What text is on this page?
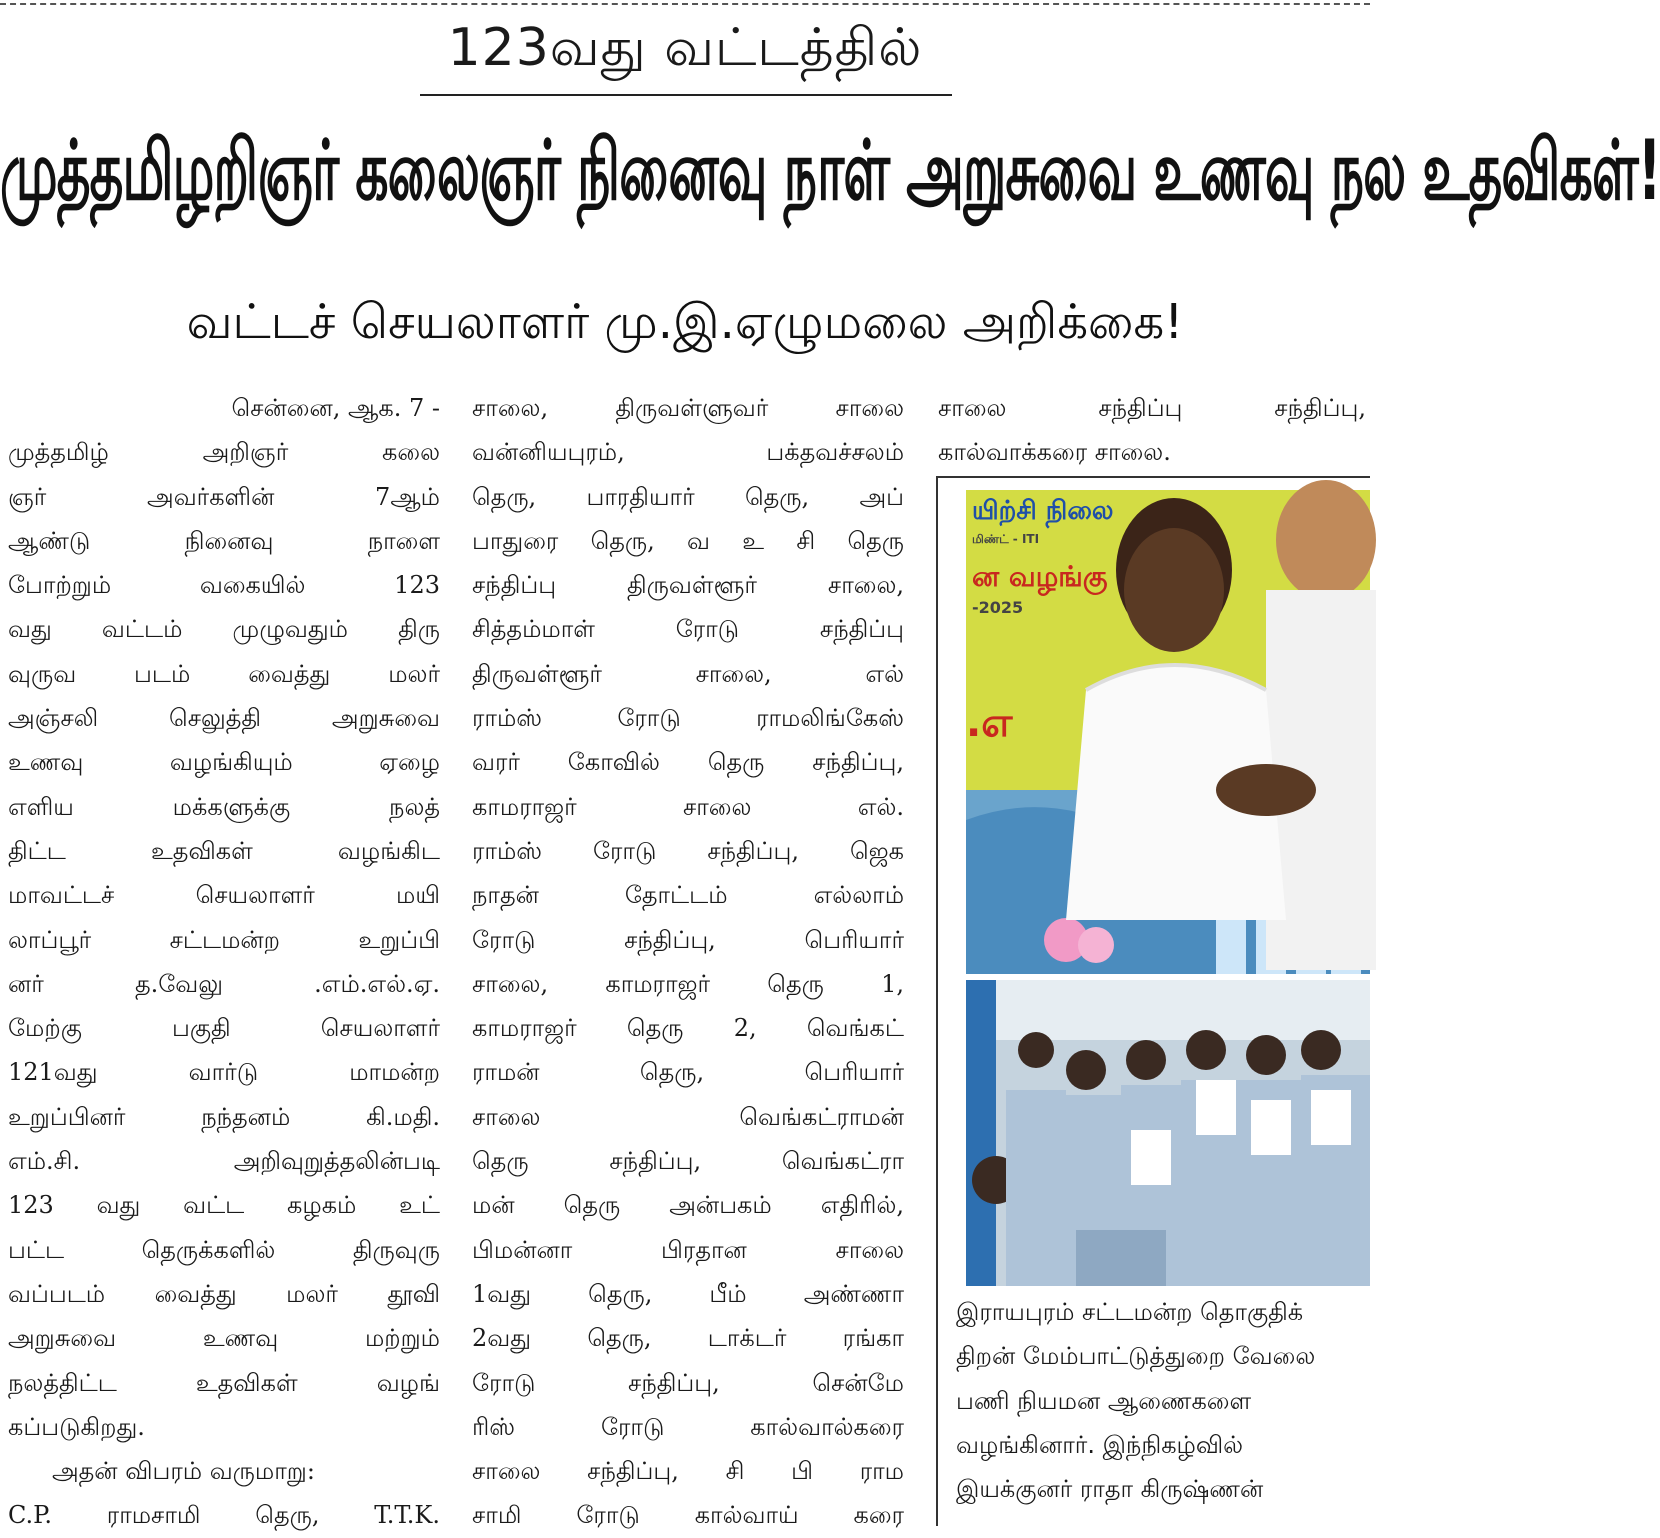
123வது வட்டத்தில்
முத்தமிழறிஞர் கலைஞர் நினைவு நாள் அறுசுவை உணவு நல உதவிகள்!
வட்டச் செயலாளர் மு.இ.ஏழுமலை அறிக்கை!
சென்னை, ஆக. 7 -
முத்தமிழ் அறிஞர் கலை
ஞர் அவர்களின் 7ஆம்
ஆண்டு நினைவு நாளை
போற்றும் வகையில் 123
வது வட்டம் முழுவதும் திரு
வுருவ படம் வைத்து மலர்
அஞ்சலி செலுத்தி அறுசுவை
உணவு வழங்கியும் ஏழை
எளிய மக்களுக்கு நலத்
திட்ட உதவிகள் வழங்கிட
மாவட்டச் செயலாளர் மயி
லாப்பூர் சட்டமன்ற உறுப்பி
னர் த.வேலு .எம்.எல்.ஏ.
மேற்கு பகுதி செயலாளர்
121வது வார்டு மாமன்ற
உறுப்பினர் நந்தனம் கி.மதி.
எம்.சி. அறிவுறுத்தலின்படி
123 வது வட்ட கழகம் உட்
பட்ட தெருக்களில் திருவுரு
வப்படம் வைத்து மலர் தூவி
அறுசுவை உணவு மற்றும்
நலத்திட்ட உதவிகள் வழங்
கப்படுகிறது.
அதன் விபரம் வருமாறு:
C.P. ராமசாமி தெரு, T.T.K.
சாலை, திருவள்ளுவர் சாலை
வன்னியபுரம், பக்தவச்சலம்
தெரு, பாரதியார் தெரு, அப்
பாதுரை தெரு, வ உ சி தெரு
சந்திப்பு திருவள்ளூர் சாலை,
சித்தம்மாள் ரோடு சந்திப்பு
திருவள்ளூர் சாலை, எல்
ராம்ஸ் ரோடு ராமலிங்கேஸ்
வரர் கோவில் தெரு சந்திப்பு,
காமராஜர் சாலை எல்.
ராம்ஸ் ரோடு சந்திப்பு, ஜெக
நாதன் தோட்டம் எல்லாம்
ரோடு சந்திப்பு, பெரியார்
சாலை, காமராஜர் தெரு 1,
காமராஜர் தெரு 2, வெங்கட்
ராமன் தெரு, பெரியார்
சாலை வெங்கட்ராமன்
தெரு சந்திப்பு, வெங்கட்ரா
மன் தெரு அன்பகம் எதிரில்,
பிமன்னா பிரதான சாலை
1வது தெரு, பீம் அண்ணா
2வது தெரு, டாக்டர் ரங்கா
ரோடு சந்திப்பு, சென்மே
ரிஸ் ரோடு கால்வால்கரை
சாலை சந்திப்பு, சி பி ராம
சாமி ரோடு கால்வாய் கரை
சாலை சந்திப்பு சந்திப்பு,
கால்வாக்கரை சாலை.
யிற்சி நிலை
மிண்ட் - ITI
ன வழங்கு
-2025
.எ
இராயபுரம் சட்டமன்ற தொகுதிக்
திறன் மேம்பாட்டுத்துறை வேலை
பணி நியமன ஆணைகளை
வழங்கினார். இந்நிகழ்வில்
இயக்குனர் ராதா கிருஷ்ணன்
